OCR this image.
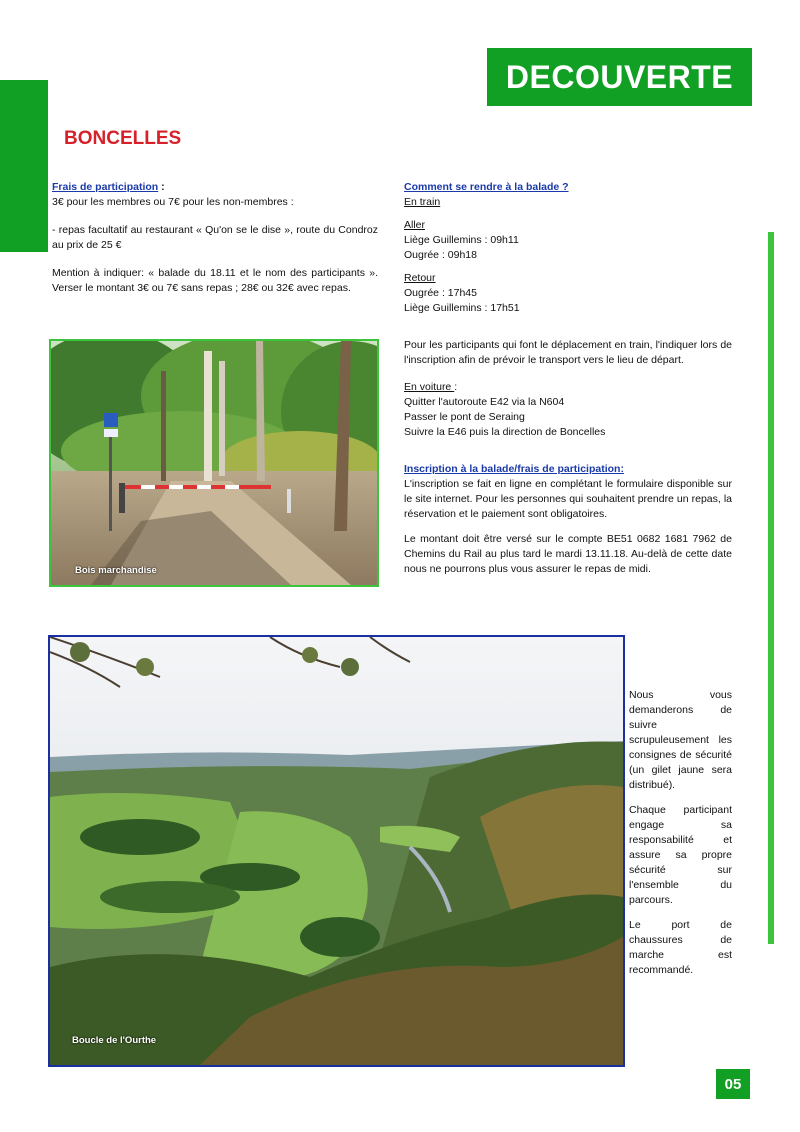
DECOUVERTE
BONCELLES

Frais de participation :

3€ pour les membres ou 7€ pour les non-membres :

- repas facultatif au restaurant « Qu'on se le dise », route du Condroz au prix de 25 €

Mention à indiquer: « balade du 18.11 et le nom des participants ». Verser le montant 3€ ou 7€ sans repas ; 28€ ou 32€ avec repas.

Comment se rendre à la balade ?

En train

Aller

Liège Guillemins : 09h11

Ougrée : 09h18

Retour

Ougrée : 17h45

Liège Guillemins : 17h51

Pour les participants qui font le déplacement en train, l'indiquer lors de l'inscription afin de prévoir le transport vers le lieu de départ.

En voiture :

Quitter l'autoroute E42 via la N604

Passer le pont de Seraing

Suivre la E46 puis la direction de Boncelles

Inscription à la balade/frais de participation:

L'inscription se fait en ligne en complétant le formulaire disponible sur le site internet. Pour les personnes qui souhaitent prendre un repas, la réservation et le paiement sont obligatoires.

Le montant doit être versé sur le compte BE51 0682 1681 7962 de Chemins du Rail au plus tard le mardi 13.11.18. Au-delà de cette date nous ne pourrons plus vous assurer le repas de midi.

Bois marchandise
Boucle de l'Ourthe

Nous vous demanderons de suivre scrupuleusement les consignes de sécurité (un gilet jaune sera distribué).

Chaque participant engage sa responsabilité et assure sa propre sécurité sur l'ensemble du parcours.

Le port de chaussures de marche est recommandé.

05
